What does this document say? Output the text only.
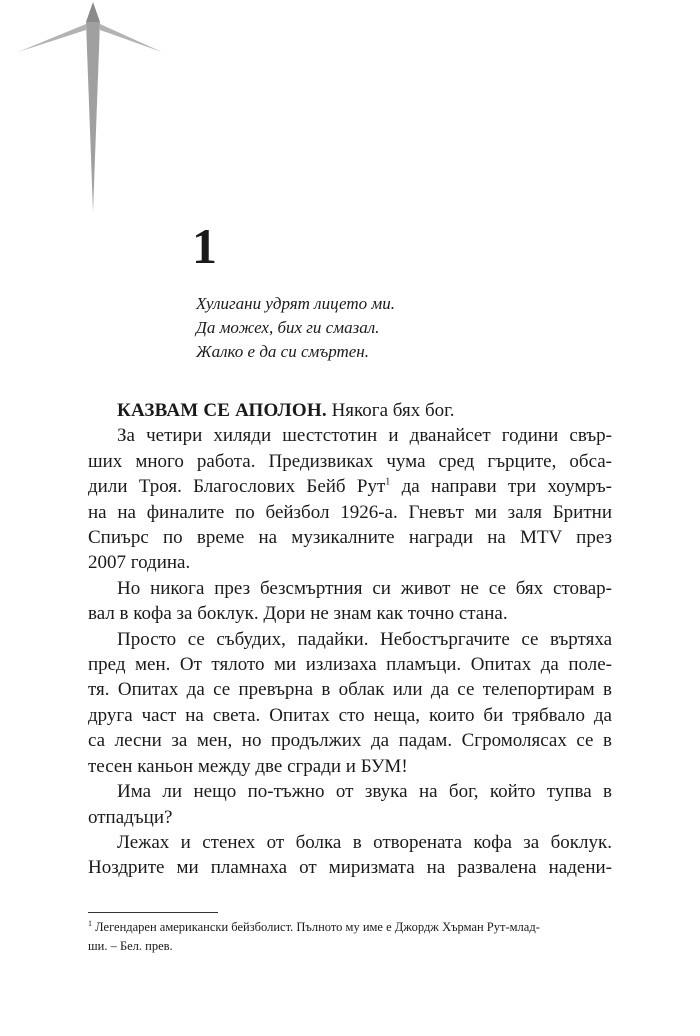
1
Хулигани удрят лицето ми.
Да можех, бих ги смазал.
Жалко е да си смъртен.
КАЗВАМ СЕ АПОЛОН. Някога бях бог.
За четири хиляди шестстотин и дванайсет години свър-
ших много работа. Предизвиках чума сред гърците, обса-
дили Троя. Благослових Бейб Рут$^1$ да направи три хоумръ-
на на финалите по бейзбол 1926-а. Гневът ми заля Бритни
Спиърс по време на музикалните награди на MTV през
2007 година.
Но никога през безсмъртния си живот не се бях стовар-
вал в кофа за боклук. Дори не знам как точно стана.
Просто се събудих, падайки. Небостъргачите се въртяха
пред мен. От тялото ми излизаха пламъци. Опитах да поле-
тя. Опитах да се превърна в облак или да се телепортирам в
друга част на света. Опитах сто неща, които би трябвало да
са лесни за мен, но продължих да падам. Сгромолясах се в
тесен каньон между две сгради и БУМ!
Има ли нещо по-тъжно от звука на бог, който тупва в
отпадъци?
Лежах и стенех от болка в отворената кофа за боклук.
Ноздрите ми пламнаха от миризмата на развалена надени-
$^1$ Легендарен американски бейзболист. Пълното му име е Джордж Хърман Рут-млад-
ши. – Бел. прев.
